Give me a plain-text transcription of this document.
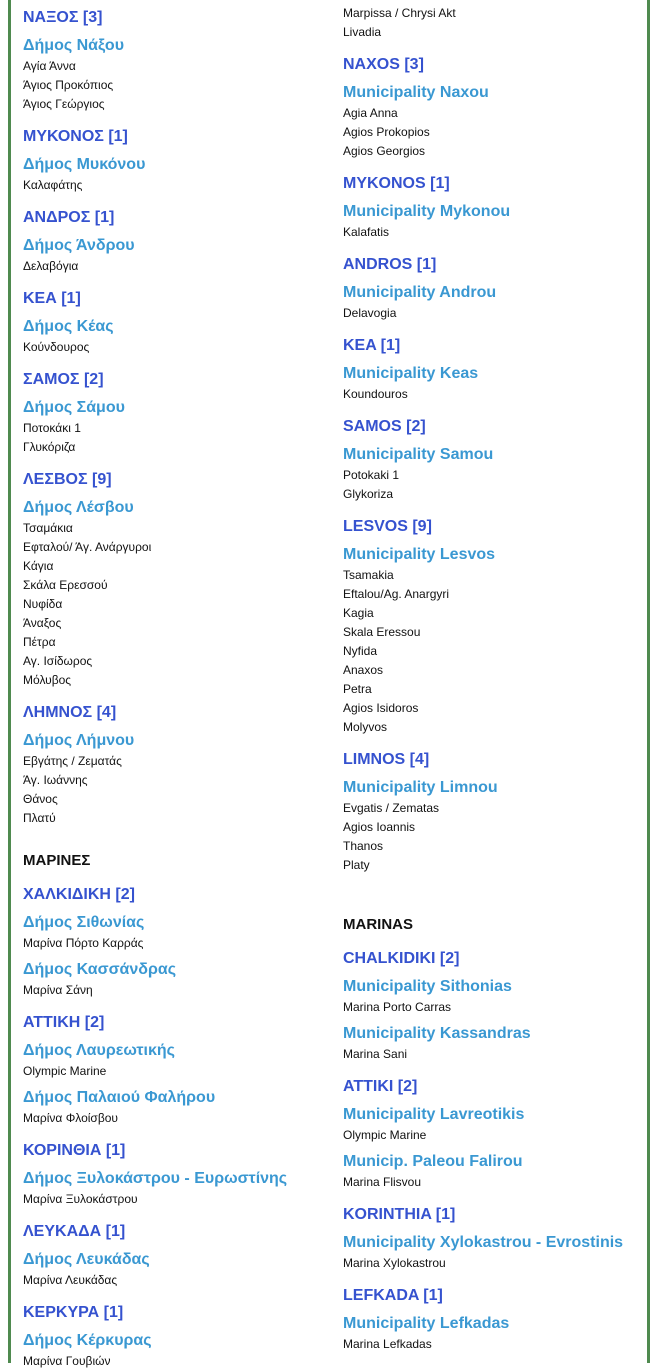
ΝΑΞΟΣ [3]
Δήμος Νάξου
Αγία Άννα
Άγιος Προκόπιος
Άγιος Γεώργιος
ΜΥΚΟΝΟΣ [1]
Δήμος Μυκόνου
Καλαφάτης
ΑΝΔΡΟΣ [1]
Δήμος Άνδρου
Δελαβόγια
ΚΕΑ [1]
Δήμος Κέας
Κούνδουρος
ΣΑΜΟΣ [2]
Δήμος Σάμου
Ποτοκάκι 1
Γλυκόριζα
ΛΕΣΒΟΣ [9]
Δήμος Λέσβου
Τσαμάκια
Εφταλού/ Άγ. Ανάργυροι
Κάγια
Σκάλα Ερεσσού
Νυφίδα
Άναξος
Πέτρα
Αγ. Ισίδωρος
Μόλυβος
ΛΗΜΝΟΣ [4]
Δήμος Λήμνου
Εβγάτης / Ζεματάς
Άγ. Ιωάννης
Θάνος
Πλατύ
ΜΑΡΙΝΕΣ
ΧΑΛΚΙΔΙΚΗ [2]
Δήμος Σιθωνίας
Μαρίνα Πόρτο Καρράς
Δήμος Κασσάνδρας
Μαρίνα Σάνη
ΑΤΤΙΚΗ [2]
Δήμος Λαυρεωτικής
Olympic Marine
Δήμος Παλαιού Φαλήρου
Μαρίνα Φλοίσβου
ΚΟΡΙΝΘΙΑ [1]
Δήμος Ξυλοκάστρου - Ευρωστίνης
Μαρίνα Ξυλοκάστρου
ΛΕΥΚΑΔΑ [1]
Δήμος Λευκάδας
Μαρίνα Λευκάδας
ΚΕΡΚΥΡΑ [1]
Δήμος Κέρκυρας
Μαρίνα Γουβιών
Marpissa / Chrysi Akt
Livadia
NAXOS [3]
Municipality Naxou
Agia Anna
Agios Prokopios
Agios Georgios
MYKONOS [1]
Municipality Mykonou
Kalafatis
ANDROS [1]
Municipality Androu
Delavogia
KEA [1]
Municipality Keas
Koundouros
SAMOS [2]
Municipality Samou
Potokaki 1
Glykoriza
LESVOS [9]
Municipality Lesvos
Tsamakia
Eftalou/Ag. Anargyri
Kagia
Skala Eressou
Nyfida
Anaxos
Petra
Agios Isidoros
Molyvos
LIMNOS [4]
Municipality Limnou
Evgatis / Zematas
Agios Ioannis
Thanos
Platy
MARINAS
CHALKIDIKI [2]
Municipality Sithonias
Marina Porto Carras
Municipality Kassandras
Marina Sani
ATTIKI [2]
Municipality Lavreotikis
Olympic Marine
Municip. Paleou Falirou
Marina Flisvou
KORINTHIA [1]
Municipality Xylokastrou - Evrostinis
Marina Xylokastrou
LEFKADA [1]
Municipality Lefkadas
Marina Lefkadas
